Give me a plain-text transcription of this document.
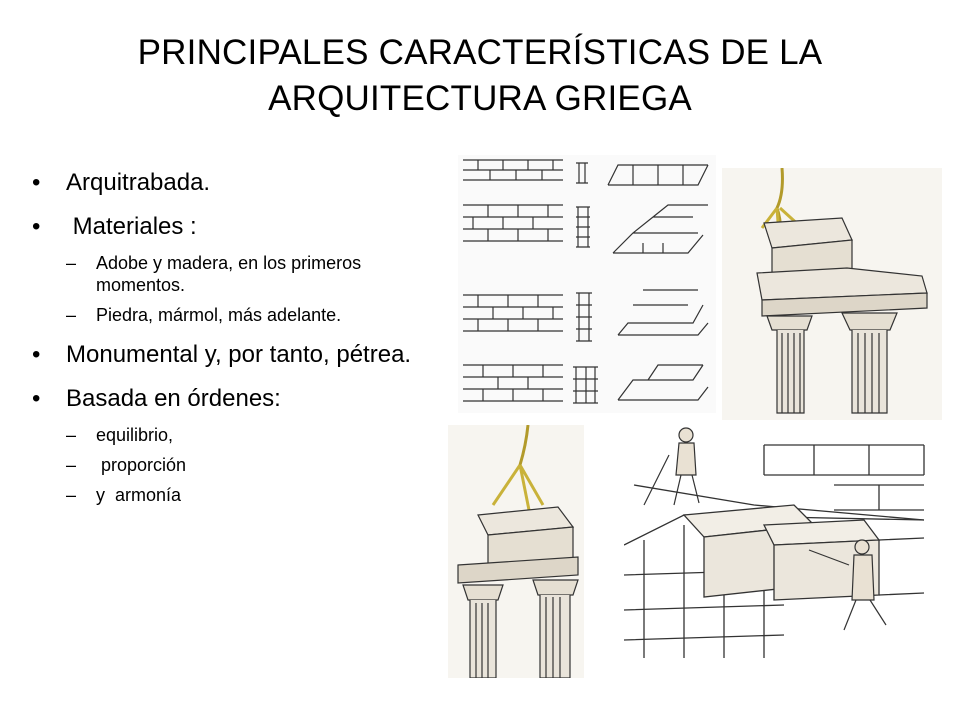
PRINCIPALES CARACTERÍSTICAS DE LA
ARQUITECTURA GRIEGA
• Arquitrabada.
• Materiales :
– Adobe y madera, en los primeros momentos.
– Piedra, mármol, más adelante.
• Monumental y, por tanto, pétrea.
• Basada en órdenes:
– equilibrio,
– proporción
– y  armonía
